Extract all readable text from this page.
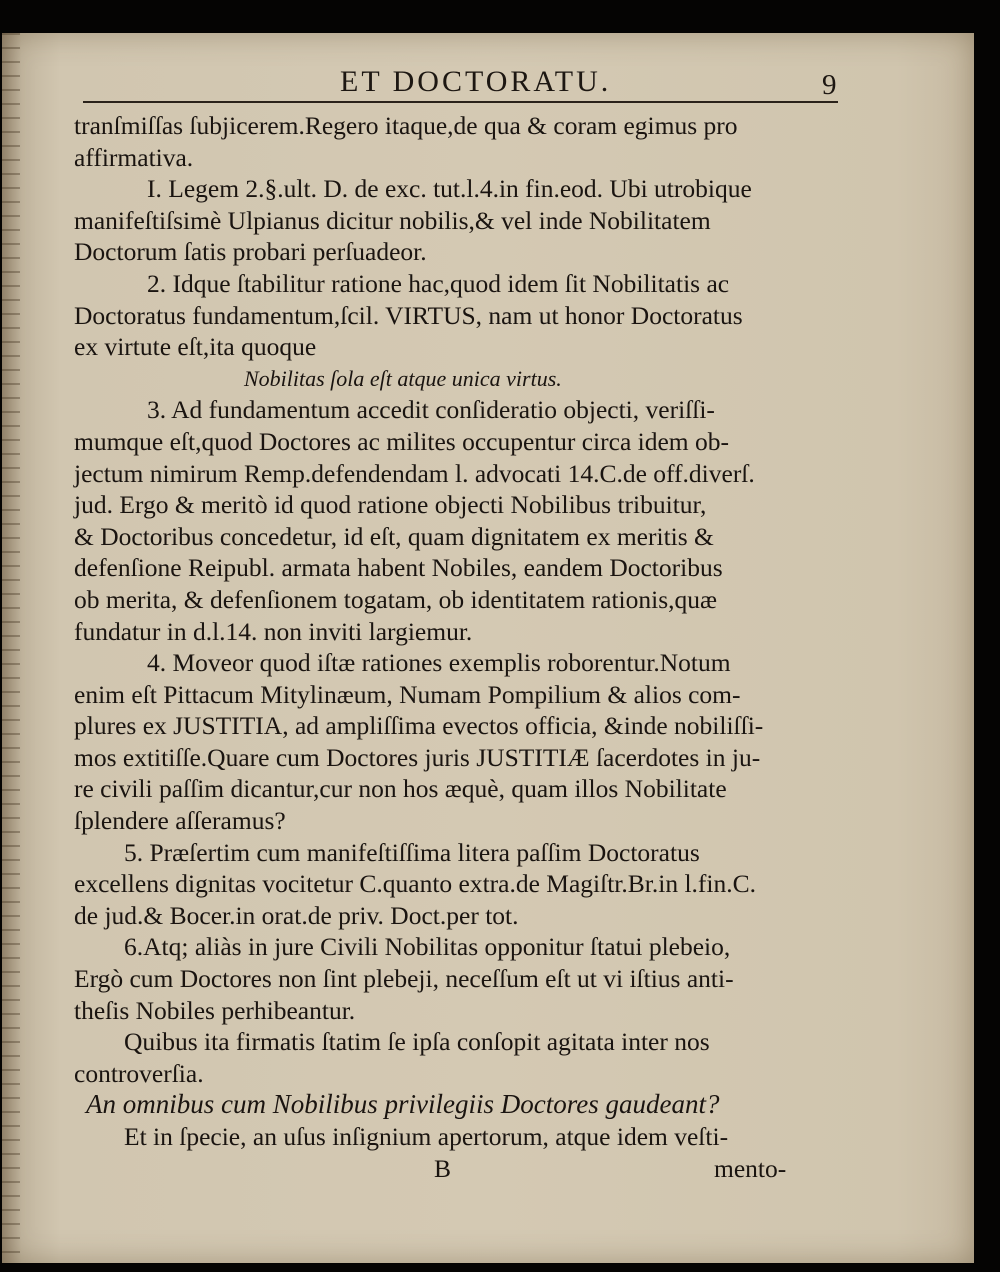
ET DOCTORATU.	9
tranſmiſſas ſubjicerem.Regero itaque,de qua & coram egimus pro
affirmativa.
I. Legem 2.§.ult. D. de exc. tut.l.4.in fin.eod. Ubi utrobique
manifeſtiſsimè Ulpianus dicitur nobilis,& vel inde Nobilitatem
Doctorum ſatis probari perſuadeor.
2. Idque ſtabilitur ratione hac,quod idem ſit Nobilitatis ac
Doctoratus fundamentum,ſcil. VIRTUS, nam ut honor Doctoratus
ex virtute eſt,ita quoque
Nobilitas ſola eſt atque unica virtus.
3. Ad fundamentum accedit conſideratio objecti, veriſſi-
mumque eſt,quod Doctores ac milites occupentur circa idem ob-
jectum nimirum Remp.defendendam l. advocati 14.C.de off.diverſ.
jud. Ergo & meritò id quod ratione objecti Nobilibus tribuitur,
& Doctoribus concedetur, id eſt, quam dignitatem ex meritis &
defenſione Reipubl. armata habent Nobiles, eandem Doctoribus
ob merita, & defenſionem togatam, ob identitatem rationis,quæ
fundatur in d.l.14. non inviti largiemur.
4. Moveor quod iſtæ rationes exemplis roborentur.Notum
enim eſt Pittacum Mitylinæum, Numam Pompilium & alios com-
plures ex JUSTITIA, ad ampliſſima evectos officia, &inde nobiliſſi-
mos extitiſſe.Quare cum Doctores juris JUSTITIÆ ſacerdotes in ju-
re civili paſſim dicantur,cur non hos æquè, quam illos Nobilitate
ſplendere aſſeramus?
5. Præſertim cum manifeſtiſſima litera paſſim Doctoratus
excellens dignitas vocitetur C.quanto extra.de Magiſtr.Br.in l.fin.C.
de jud.& Bocer.in orat.de priv. Doct.per tot.
6.Atq; aliàs in jure Civili Nobilitas opponitur ſtatui plebeio,
Ergò cum Doctores non ſint plebeji, neceſſum eſt ut vi iſtius anti-
theſis Nobiles perhibeantur.
Quibus ita firmatis ſtatim ſe ipſa conſopit agitata inter nos
controverſia.
An omnibus cum Nobilibus privilegiis Doctores gaudeant?
Et in ſpecie, an uſus inſignium apertorum, atque idem veſti-
B	mento-
